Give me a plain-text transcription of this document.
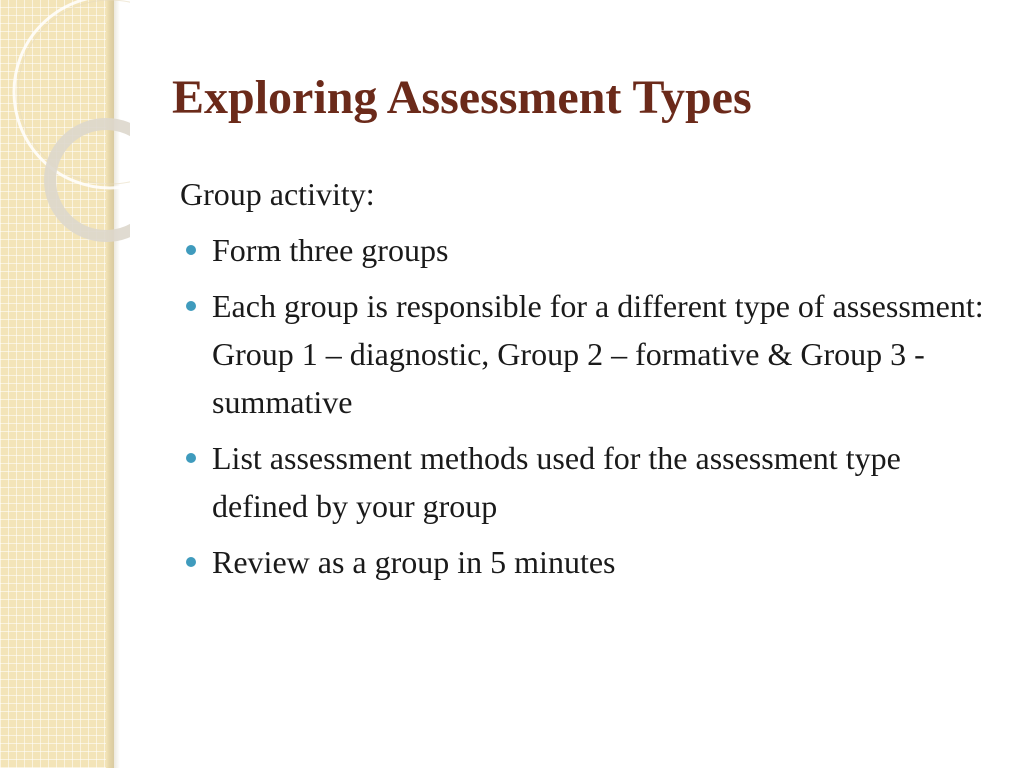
Exploring Assessment Types

Group activity:

Form three groups
Each group is responsible for a different type of assessment: Group 1 – diagnostic, Group 2 – formative & Group 3 - summative
List assessment methods used for the assessment type defined by your group
Review as a group in 5 minutes
